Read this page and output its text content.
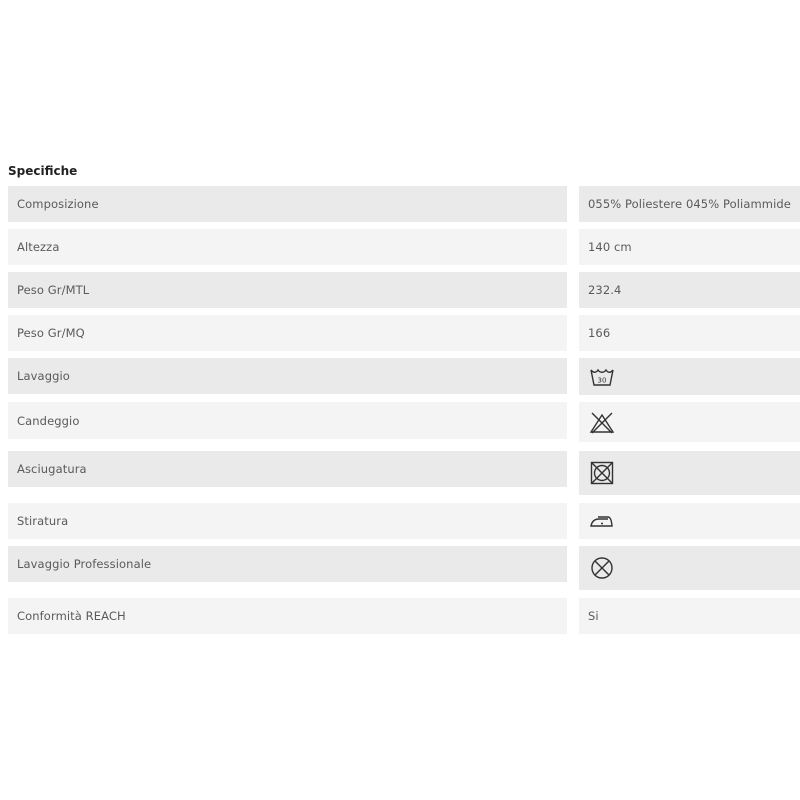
Specifiche
Composizione	055% Poliestere 045% Poliammide
Altezza	140 cm
Peso Gr/MTL	232.4
Peso Gr/MQ	166
Lavaggio	30
Candeggio
Asciugatura
Stiratura
Lavaggio Professionale
Conformità REACH	Si
